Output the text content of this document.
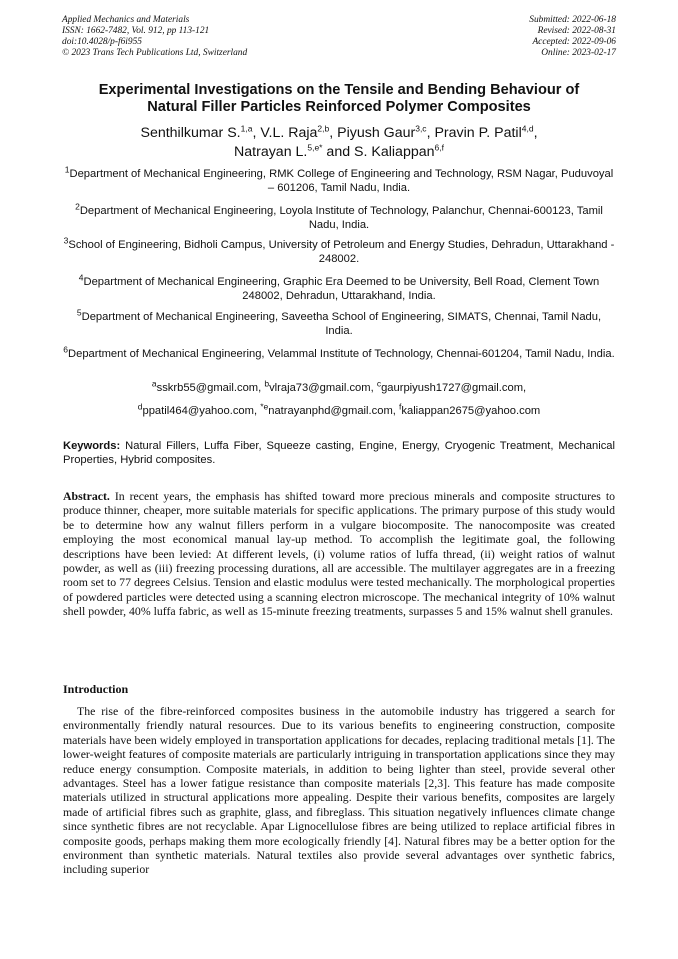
Applied Mechanics and Materials
ISSN: 1662-7482, Vol. 912, pp 113-121
doi:10.4028/p-f6i955
© 2023 Trans Tech Publications Ltd, Switzerland
Submitted: 2022-06-18
Revised: 2022-08-31
Accepted: 2022-09-06
Online: 2023-02-17
Experimental Investigations on the Tensile and Bending Behaviour of
Natural Filler Particles Reinforced Polymer Composites
Senthilkumar S.$^{1,a}$, V.L. Raja$^{2,b}$, Piyush Gaur$^{3,c}$, Pravin P. Patil$^{4,d}$,
Natrayan L.$^{5,e*}$ and S. Kaliappan$^{6,f}$
$^1$Department of Mechanical Engineering, RMK College of Engineering and Technology, RSM Nagar, Puduvoyal – 601206, Tamil Nadu, India.
$^2$Department of Mechanical Engineering, Loyola Institute of Technology, Palanchur, Chennai-600123, Tamil Nadu, India.
$^3$School of Engineering, Bidholi Campus, University of Petroleum and Energy Studies, Dehradun, Uttarakhand - 248002.
$^4$Department of Mechanical Engineering, Graphic Era Deemed to be University, Bell Road, Clement Town 248002, Dehradun, Uttarakhand, India.
$^5$Department of Mechanical Engineering, Saveetha School of Engineering, SIMATS, Chennai, Tamil Nadu, India.
$^6$Department of Mechanical Engineering, Velammal Institute of Technology, Chennai-601204, Tamil Nadu, India.
$^a$sskrb55@gmail.com, $^b$vlraja73@gmail.com, $^c$gaurpiyush1727@gmail.com,
$^d$ppatil464@yahoo.com, $^{*e}$natrayanphd@gmail.com, $^f$kaliappan2675@yahoo.com
Keywords: Natural Fillers, Luffa Fiber, Squeeze casting, Engine, Energy, Cryogenic Treatment, Mechanical Properties, Hybrid composites.

Abstract. In recent years, the emphasis has shifted toward more precious minerals and composite structures to produce thinner, cheaper, more suitable materials for specific applications. The primary purpose of this study would be to determine how any walnut fillers perform in a vulgare biocomposite. The nanocomposite was created employing the most economical manual lay-up method. To accomplish the legitimate goal, the following descriptions have been levied: At different levels, (i) volume ratios of luffa thread, (ii) weight ratios of walnut powder, as well as (iii) freezing processing durations, all are accessible. The multilayer aggregates are in a freezing room set to 77 degrees Celsius. Tension and elastic modulus were tested mechanically. The morphological properties of powdered particles were detected using a scanning electron microscope. The mechanical integrity of 10% walnut shell powder, 40% luffa fabric, as well as 15-minute freezing treatments, surpasses 5 and 15% walnut shell granules.

Introduction

The rise of the fibre-reinforced composites business in the automobile industry has triggered a search for environmentally friendly natural resources. Due to its various benefits to engineering construction, composite materials have been widely employed in transportation applications for decades, replacing traditional metals [1]. The lower-weight features of composite materials are particularly intriguing in transportation applications since they may reduce energy consumption. Composite materials, in addition to being lighter than steel, provide several other advantages. Steel has a lower fatigue resistance than composite materials [2,3]. This feature has made composite materials utilized in structural applications more appealing. Despite their various benefits, composites are largely made of artificial fibres such as graphite, glass, and fibreglass. This situation negatively influences climate change since synthetic fibres are not recyclable. Apar Lignocellulose fibres are being utilized to replace artificial fibres in composite goods, perhaps making them more ecologically friendly [4]. Natural fibres may be a better option for the environment than synthetic materials. Natural textiles also provide several advantages over synthetic fabrics, including superior
